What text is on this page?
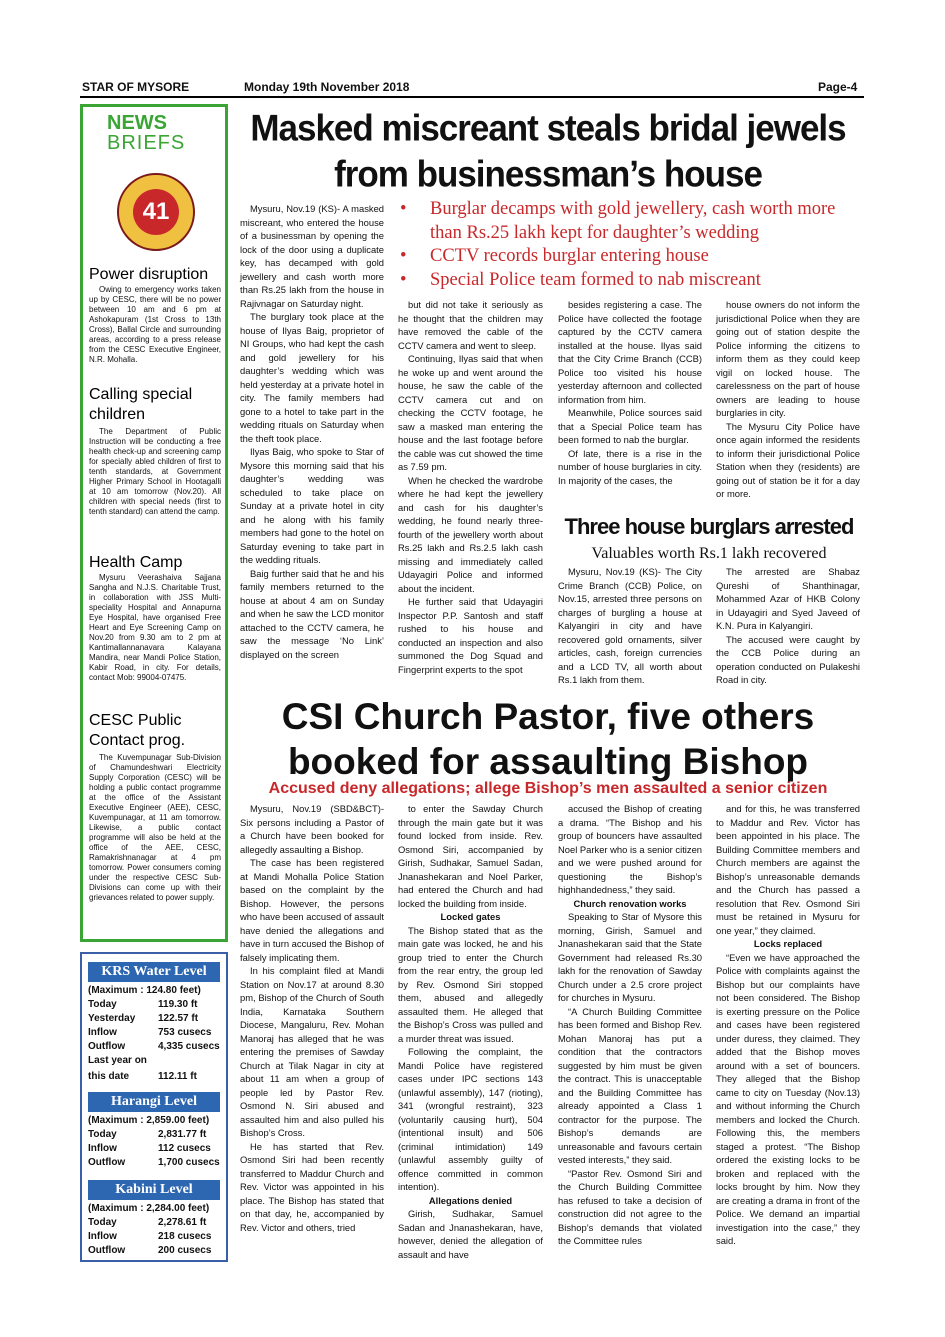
STAR OF MYSORE	Monday 19th November 2018	Page-4
NEWS
BRIEFS
41
Power disruption
Owing to emergency works taken up by CESC, there will be no power between 10 am and 6 pm at Ashokapuram (1st Cross to 13th Cross), Ballal Circle and surrounding areas, according to a press release from the CESC Executive Engineer, N.R. Mohalla.
Calling special children
The Department of Public Instruction will be conducting a free health check-up and screening camp for specially abled children of first to tenth standards, at Government Higher Primary School in Hootagalli at 10 am tomorrow (Nov.20). All children with special needs (first to tenth standard) can attend the camp.
Health Camp
Mysuru Veerashaiva Sajjana Sangha and N.J.S. Charitable Trust, in collaboration with JSS Multi-speciality Hospital and Annapurna Eye Hospital, have organised Free Heart and Eye Screening Camp on Nov.20 from 9.30 am to 2 pm at Kantimallannanavara Kalayana Mandira, near Mandi Police Station, Kabir Road, in city. For details, contact Mob: 99004-07475.
CESC Public Contact prog.
The Kuvempunagar Sub-Division of Chamundeshwari Electricity Supply Corporation (CESC) will be holding a public contact programme at the office of the Assistant Executive Engineer (AEE), CESC, Kuvempunagar, at 11 am tomorrow. Likewise, a public contact programme will also be held at the office of the AEE, CESC, Ramakrishnanagar at 4 pm tomorrow. Power consumers coming under the respective CESC Sub-Divisions can come up with their grievances related to power supply.
KRS Water Level
(Maximum : 124.80 feet)
Today	119.30 ft
Yesterday 122.57 ft
Inflow	753 cusecs
Outflow	4,335 cusecs
Last year on
this date	112.11 ft
Harangi Level
(Maximum : 2,859.00 feet)
Today	2,831.77 ft
Inflow	112 cusecs
Outflow	1,700 cusecs
Kabini Level
(Maximum : 2,284.00 feet)
Today	2,278.61 ft
Inflow	218 cusecs
Outflow	200 cusecs
Masked miscreant steals bridal jewels
from businessman’s house
• Burglar decamps with gold jewellery, cash worth more than Rs.25 lakh kept for daughter’s wedding
• CCTV records burglar entering house
• Special Police team formed to nab miscreant

Mysuru, Nov.19 (KS)- A masked miscreant, who entered the house of a businessman by opening the lock of the door using a duplicate key, has decamped with gold jewellery and cash worth more than Rs.25 lakh from the house in Rajivnagar on Saturday night.

The burglary took place at the house of Ilyas Baig, proprietor of NI Groups, who had kept the cash and gold jewellery for his daughter’s wedding which was held yesterday at a private hotel in city. The family members had gone to a hotel to take part in the wedding rituals on Saturday when the theft took place.

Ilyas Baig, who spoke to Star of Mysore this morning said that his daughter’s wedding was scheduled to take place on Sunday at a private hotel in city and he along with his family members had gone to the hotel on Saturday evening to take part in the wedding rituals.

Baig further said that he and his family members returned to the house at about 4 am on Sunday and when he saw the LCD monitor attached to the CCTV camera, he saw the message ‘No Link’ displayed on the screen

but did not take it seriously as he thought that the children may have removed the cable of the CCTV camera and went to sleep.

Continuing, Ilyas said that when he woke up and went around the house, he saw the cable of the CCTV camera cut and on checking the CCTV footage, he saw a masked man entering the house and the last footage before the cable was cut showed the time as 7.59 pm.

When he checked the wardrobe where he had kept the jewellery and cash for his daughter’s wedding, he found nearly three-fourth of the jewellery worth about Rs.25 lakh and Rs.2.5 lakh cash missing and immediately called Udayagiri Police and informed about the incident.

He further said that Udayagiri Inspector P.P. Santosh and staff rushed to his house and conducted an inspection and also summoned the Dog Squad and Fingerprint experts to the spot

besides registering a case. The Police have collected the footage captured by the CCTV camera installed at the house. Ilyas said that the City Crime Branch (CCB) Police too visited his house yesterday afternoon and collected information from him.

Meanwhile, Police sources said that a Special Police team has been formed to nab the burglar.

Of late, there is a rise in the number of house burglaries in city. In majority of the cases, the

house owners do not inform the jurisdictional Police when they are going out of station despite the Police informing the citizens to inform them as they could keep vigil on locked house. The carelessness on the part of house owners are leading to house burglaries in city.

The Mysuru City Police have once again informed the residents to inform their jurisdictional Police Station when they (residents) are going out of station be it for a day or more.

Three house burglars arrested
Valuables worth Rs.1 lakh recovered

Mysuru, Nov.19 (KS)- The City Crime Branch (CCB) Police, on Nov.15, arrested three persons on charges of burgling a house at Kalyangiri in city and have recovered gold ornaments, silver articles, cash, foreign currencies and a LCD TV, all worth about Rs.1 lakh from them.

The arrested are Shabaz Qureshi of Shanthinagar, Mohammed Azar of HKB Colony in Udayagiri and Syed Javeed of K.N. Pura in Kalyangiri.

The accused were caught by the CCB Police during an operation conducted on Pulakeshi Road in city.

CSI Church Pastor, five others
booked for assaulting Bishop
Accused deny allegations; allege Bishop’s men assaulted a senior citizen

Mysuru, Nov.19 (SBD&BCT)- Six persons including a Pastor of a Church have been booked for allegedly assaulting a Bishop.

The case has been registered at Mandi Mohalla Police Station based on the complaint by the Bishop. However, the persons who have been accused of assault have denied the allegations and have in turn accused the Bishop of falsely implicating them.

In his complaint filed at Mandi Station on Nov.17 at around 8.30 pm, Bishop of the Church of South India, Karnataka Southern Diocese, Mangaluru, Rev. Mohan Manoraj has alleged that he was entering the premises of Sawday Church at Tilak Nagar in city at about 11 am when a group of people led by Pastor Rev. Osmond N. Siri abused and assaulted him and also pulled his Bishop’s Cross.

He has started that Rev. Osmond Siri had been recently transferred to Maddur Church and Rev. Victor was appointed in his place. The Bishop has stated that on that day, he, accompanied by Rev. Victor and others, tried

to enter the Sawday Church through the main gate but it was found locked from inside. Rev. Osmond Siri, accompanied by Girish, Sudhakar, Samuel Sadan, Jnanashekaran and Noel Parker, had entered the Church and had locked the building from inside.

Locked gates

The Bishop stated that as the main gate was locked, he and his group tried to enter the Church from the rear entry, the group led by Rev. Osmond Siri stopped them, abused and allegedly assaulted them. He alleged that the Bishop’s Cross was pulled and a murder threat was issued.

Following the complaint, the Mandi Police have registered cases under IPC sections 143 (unlawful assembly), 147 (rioting), 341 (wrongful restraint), 323 (voluntarily causing hurt), 504 (intentional insult) and 506 (criminal intimidation) 149 (unlawful assembly guilty of offence committed in common intention).

Allegations denied

Girish, Sudhakar, Samuel Sadan and Jnanashekaran, have, however, denied the allegation of assault and have

accused the Bishop of creating a drama. “The Bishop and his group of bouncers have assaulted Noel Parker who is a senior citizen and we were pushed around for questioning the Bishop’s highhandedness,” they said.

Church renovation works

Speaking to Star of Mysore this morning, Girish, Samuel and Jnanashekaran said that the State Government had released Rs.30 lakh for the renovation of Sawday Church under a 2.5 crore project for churches in Mysuru.

“A Church Building Committee has been formed and Bishop Rev. Mohan Manoraj has put a condition that the contractors suggested by him must be given the contract. This is unacceptable and the Building Committee has already appointed a Class 1 contractor for the purpose. The Bishop’s demands are unreasonable and favours certain vested interests,” they said.

“Pastor Rev. Osmond Siri and the Church Building Committee has refused to take a decision of construction did not agree to the Bishop’s demands that violated the Committee rules

and for this, he was transferred to Maddur and Rev. Victor has been appointed in his place. The Building Committee members and Church members are against the Bishop’s unreasonable demands and the Church has passed a resolution that Rev. Osmond Siri must be retained in Mysuru for one year,” they claimed.

Locks replaced

“Even we have approached the Police with complaints against the Bishop but our complaints have not been considered. The Bishop is exerting pressure on the Police and cases have been registered under duress, they claimed. They added that the Bishop moves around with a set of bouncers. They alleged that the Bishop came to city on Tuesday (Nov.13) and without informing the Church members and locked the Church. Following this, the members staged a protest. “The Bishop ordered the existing locks to be broken and replaced with the locks brought by him. Now they are creating a drama in front of the Police. We demand an impartial investigation into the case,” they said.
